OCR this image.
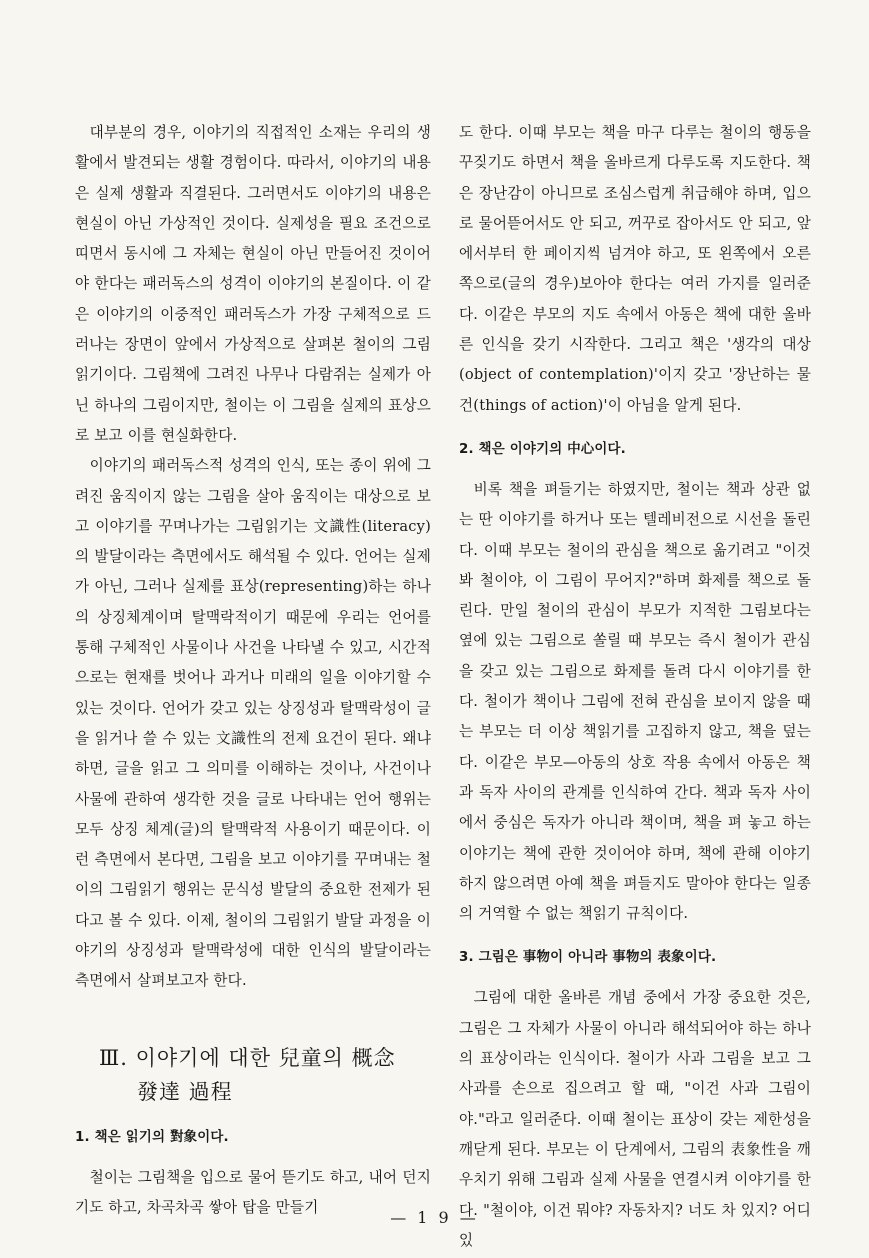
대부분의 경우, 이야기의 직접적인 소재는 우리의 생활에서 발견되는 생활 경험이다. 따라서, 이야기의 내용은 실제 생활과 직결된다. 그러면서도 이야기의 내용은 현실이 아닌 가상적인 것이다. 실제성을 필요 조건으로 띠면서 동시에 그 자체는 현실이 아닌 만들어진 것이어야 한다는 패러독스의 성격이 이야기의 본질이다. 이 같은 이야기의 이중적인 패러독스가 가장 구체적으로 드러나는 장면이 앞에서 가상적으로 살펴본 철이의 그림읽기이다. 그림책에 그려진 나무나 다람쥐는 실제가 아닌 하나의 그림이지만, 철이는 이 그림을 실제의 표상으로 보고 이를 현실화한다.

이야기의 패러독스적 성격의 인식, 또는 종이 위에 그려진 움직이지 않는 그림을 살아 움직이는 대상으로 보고 이야기를 꾸며나가는 그림읽기는 文識性(literacy)의 발달이라는 측면에서도 해석될 수 있다. 언어는 실제가 아닌, 그러나 실제를 표상(representing)하는 하나의 상징체계이며 탈맥락적이기 때문에 우리는 언어를 통해 구체적인 사물이나 사건을 나타낼 수 있고, 시간적으로는 현재를 벗어나 과거나 미래의 일을 이야기할 수 있는 것이다. 언어가 갖고 있는 상징성과 탈맥락성이 글을 읽거나 쓸 수 있는 文識性의 전제 요건이 된다. 왜냐하면, 글을 읽고 그 의미를 이해하는 것이나, 사건이나 사물에 관하여 생각한 것을 글로 나타내는 언어 행위는 모두 상징 체계(글)의 탈맥락적 사용이기 때문이다. 이런 측면에서 본다면, 그림을 보고 이야기를 꾸며내는 철이의 그림읽기 행위는 문식성 발달의 중요한 전제가 된다고 볼 수 있다. 이제, 철이의 그림읽기 발달 과정을 이야기의 상징성과 탈맥락성에 대한 인식의 발달이라는 측면에서 살펴보고자 한다.

Ⅲ. 이야기에 대한 兒童의 概念
發達 過程
1. 책은 읽기의 對象이다.

철이는 그림책을 입으로 물어 뜯기도 하고, 내어 던지기도 하고, 차곡차곡 쌓아 탑을 만들기

도 한다. 이때 부모는 책을 마구 다루는 철이의 행동을 꾸짖기도 하면서 책을 올바르게 다루도록 지도한다. 책은 장난감이 아니므로 조심스럽게 취급해야 하며, 입으로 물어뜯어서도 안 되고, 꺼꾸로 잡아서도 안 되고, 앞에서부터 한 페이지씩 넘겨야 하고, 또 왼쪽에서 오른쪽으로(글의 경우)보아야 한다는 여러 가지를 일러준다. 이같은 부모의 지도 속에서 아동은 책에 대한 올바른 인식을 갖기 시작한다. 그리고 책은 '생각의 대상(object of contemplation)'이지 갖고 '장난하는 물건(things of action)'이 아님을 알게 된다.

2. 책은 이야기의 中心이다.

비록 책을 펴들기는 하였지만, 철이는 책과 상관 없는 딴 이야기를 하거나 또는 텔레비전으로 시선을 돌린다. 이때 부모는 철이의 관심을 책으로 옮기려고 "이것 봐 철이야, 이 그림이 무어지?"하며 화제를 책으로 돌린다. 만일 철이의 관심이 부모가 지적한 그림보다는 옆에 있는 그림으로 쏠릴 때 부모는 즉시 철이가 관심을 갖고 있는 그림으로 화제를 돌려 다시 이야기를 한다. 철이가 책이나 그림에 전혀 관심을 보이지 않을 때는 부모는 더 이상 책읽기를 고집하지 않고, 책을 덮는다. 이같은 부모—아동의 상호 작용 속에서 아동은 책과 독자 사이의 관계를 인식하여 간다. 책과 독자 사이에서 중심은 독자가 아니라 책이며, 책을 펴 놓고 하는 이야기는 책에 관한 것이어야 하며, 책에 관해 이야기하지 않으려면 아예 책을 펴들지도 말아야 한다는 일종의 거역할 수 없는 책읽기 규칙이다.

3. 그림은 事物이 아니라 事物의 表象이다.

그림에 대한 올바른 개념 중에서 가장 중요한 것은, 그림은 그 자체가 사물이 아니라 해석되어야 하는 하나의 표상이라는 인식이다. 철이가 사과 그림을 보고 그 사과를 손으로 집으려고 할 때, "이건 사과 그림이야."라고 일러준다. 이때 철이는 표상이 갖는 제한성을 깨닫게 된다. 부모는 이 단계에서, 그림의 表象性을 깨우치기 위해 그림과 실제 사물을 연결시켜 이야기를 한다. "철이야, 이건 뭐야? 자동차지? 너도 차 있지? 어디 있

— 1 9 —
